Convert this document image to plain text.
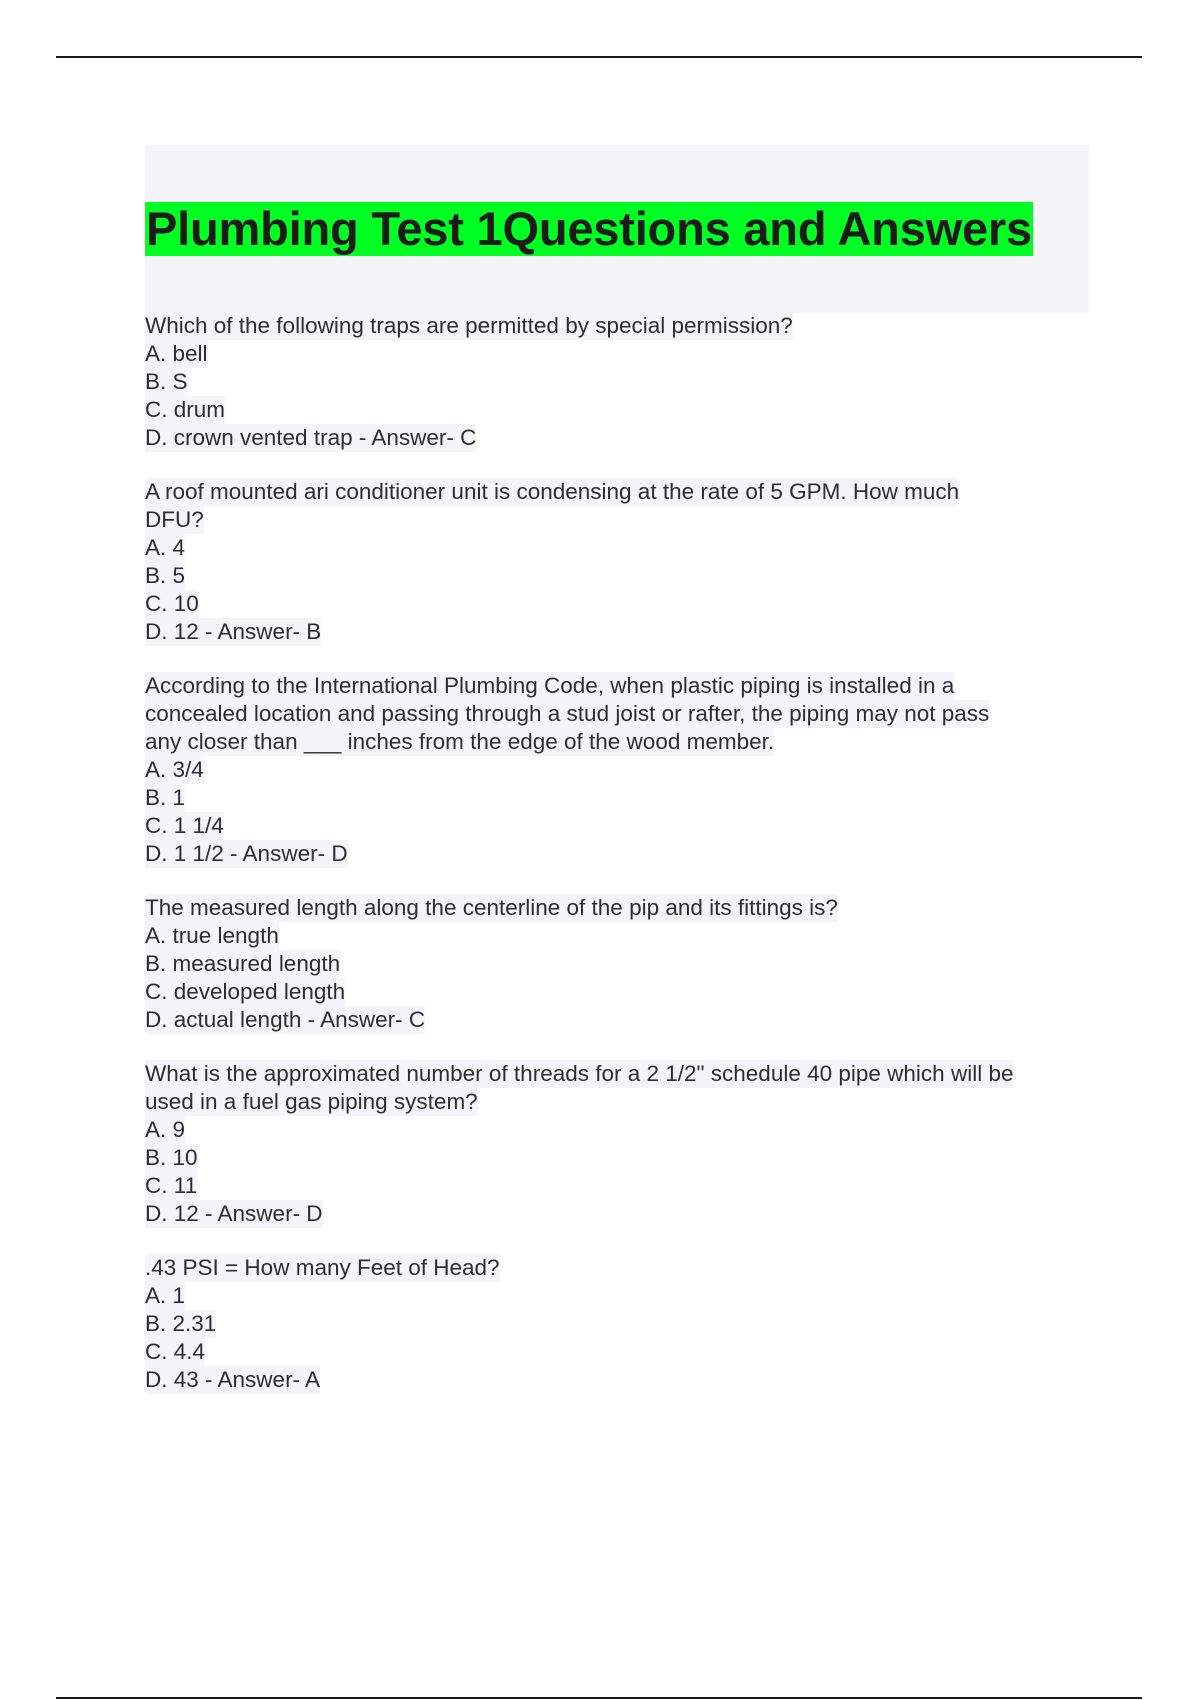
Plumbing Test 1Questions and Answers
Which of the following traps are permitted by special permission?
A. bell
B. S
C. drum
D. crown vented trap - Answer- C
A roof mounted ari conditioner unit is condensing at the rate of 5 GPM. How much
DFU?
A. 4
B. 5
C. 10
D. 12 - Answer- B
According to the International Plumbing Code, when plastic piping is installed in a
concealed location and passing through a stud joist or rafter, the piping may not pass
any closer than ___ inches from the edge of the wood member.
A. 3/4
B. 1
C. 1 1/4
D. 1 1/2 - Answer- D
The measured length along the centerline of the pip and its fittings is?
A. true length
B. measured length
C. developed length
D. actual length - Answer- C
What is the approximated number of threads for a 2 1/2" schedule 40 pipe which will be
used in a fuel gas piping system?
A. 9
B. 10
C. 11
D. 12 - Answer- D
.43 PSI = How many Feet of Head?
A. 1
B. 2.31
C. 4.4
D. 43 - Answer- A
